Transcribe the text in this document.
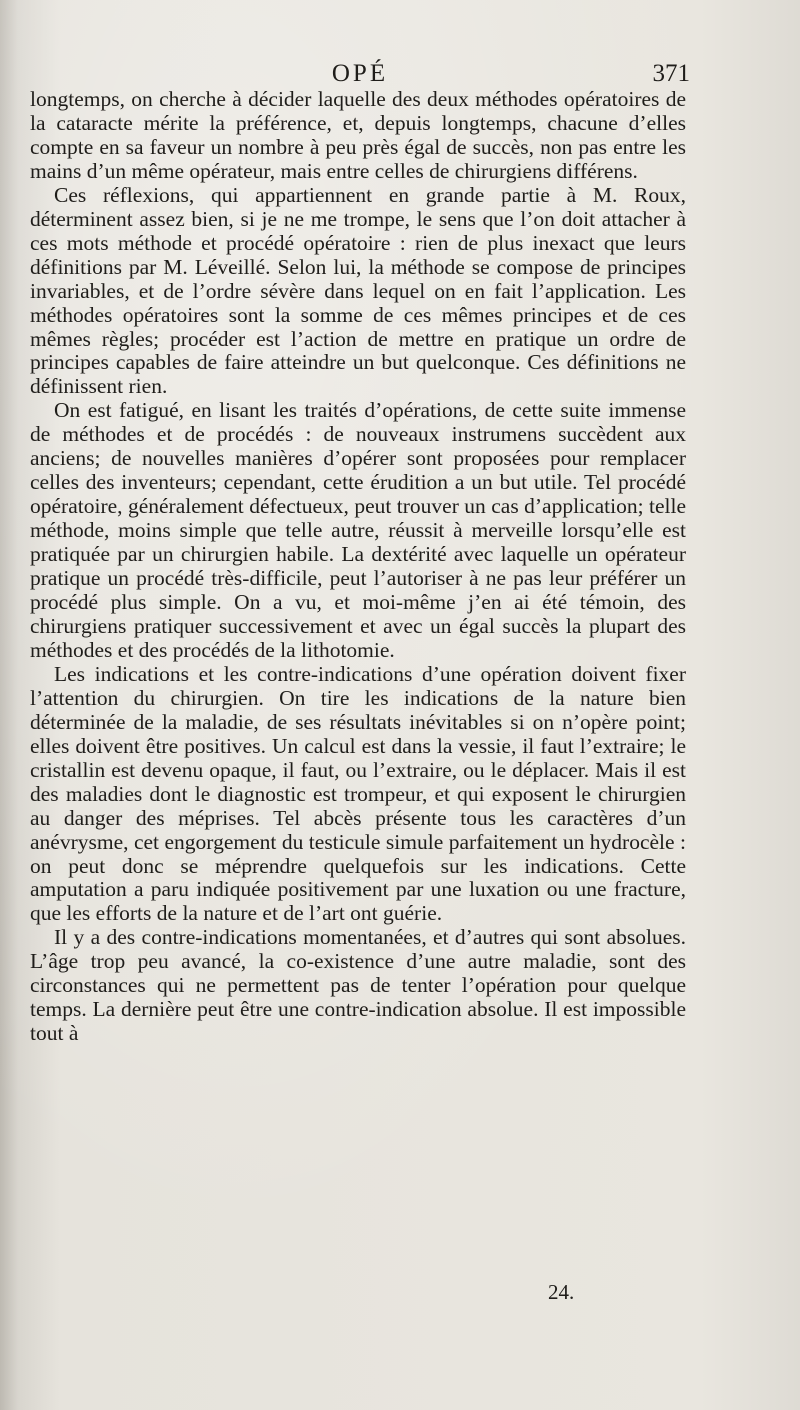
OPÉ	371

longtemps, on cherche à décider laquelle des deux méthodes opératoires de la cataracte mérite la préférence, et, depuis longtemps, chacune d’elles compte en sa faveur un nombre à peu près égal de succès, non pas entre les mains d’un même opérateur, mais entre celles de chirurgiens différens.

Ces réflexions, qui appartiennent en grande partie à M. Roux, déterminent assez bien, si je ne me trompe, le sens que l’on doit attacher à ces mots méthode et procédé opératoire : rien de plus inexact que leurs définitions par M. Léveillé. Selon lui, la méthode se compose de principes invariables, et de l’ordre sévère dans lequel on en fait l’application. Les méthodes opératoires sont la somme de ces mêmes principes et de ces mêmes règles; procéder est l’action de mettre en pratique un ordre de principes capables de faire atteindre un but quelconque. Ces définitions ne définissent rien.

On est fatigué, en lisant les traités d’opérations, de cette suite immense de méthodes et de procédés : de nouveaux instrumens succèdent aux anciens; de nouvelles manières d’opérer sont proposées pour remplacer celles des inventeurs; cependant, cette érudition a un but utile. Tel procédé opératoire, généralement défectueux, peut trouver un cas d’application; telle méthode, moins simple que telle autre, réussit à merveille lorsqu’elle est pratiquée par un chirurgien habile. La dextérité avec laquelle un opérateur pratique un procédé très-difficile, peut l’autoriser à ne pas leur préférer un procédé plus simple. On a vu, et moi-même j’en ai été témoin, des chirurgiens pratiquer successivement et avec un égal succès la plupart des méthodes et des procédés de la lithotomie.

Les indications et les contre-indications d’une opération doivent fixer l’attention du chirurgien. On tire les indications de la nature bien déterminée de la maladie, de ses résultats inévitables si on n’opère point; elles doivent être positives. Un calcul est dans la vessie, il faut l’extraire; le cristallin est devenu opaque, il faut, ou l’extraire, ou le déplacer. Mais il est des maladies dont le diagnostic est trompeur, et qui exposent le chirurgien au danger des méprises. Tel abcès présente tous les caractères d’un anévrysme, cet engorgement du testicule simule parfaitement un hydrocèle : on peut donc se méprendre quelquefois sur les indications. Cette amputation a paru indiquée positivement par une luxation ou une fracture, que les efforts de la nature et de l’art ont guérie.

Il y a des contre-indications momentanées, et d’autres qui sont absolues. L’âge trop peu avancé, la co-existence d’une autre maladie, sont des circonstances qui ne permettent pas de tenter l’opération pour quelque temps. La dernière peut être une contre-indication absolue. Il est impossible tout à

24.
